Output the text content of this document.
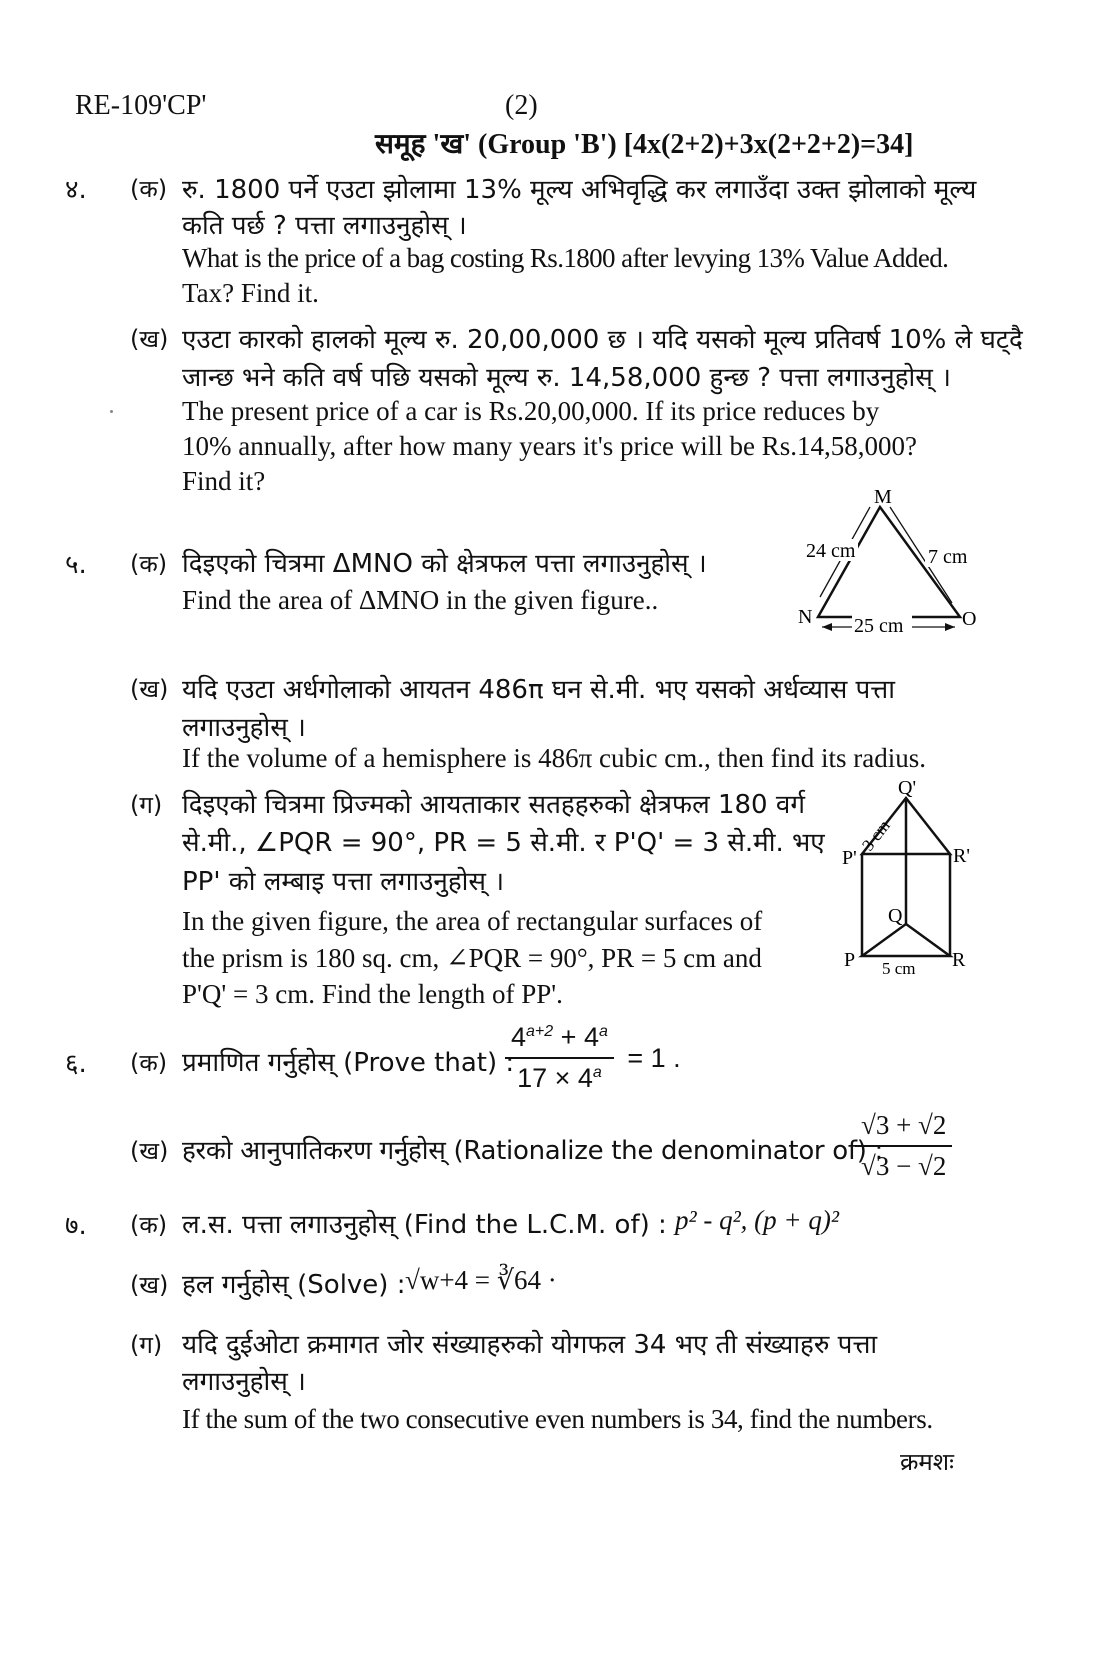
RE-109'CP'	(2)
समूह 'ख' (Group 'B') [4x(2+2)+3x(2+2+2)=34]
४. (क) रु. 1800 पर्ने एउटा झोलामा 13% मूल्य अभिवृद्धि कर लगाउँदा उक्त झोलाको मूल्य
कति पर्छ ? पत्ता लगाउनुहोस् ।
What is the price of a bag costing Rs.1800 after levying 13% Value Added.
Tax? Find it.
(ख) एउटा कारको हालको मूल्य रु. 20,00,000 छ । यदि यसको मूल्य प्रतिवर्ष 10% ले घट्दै
जान्छ भने कति वर्ष पछि यसको मूल्य रु. 14,58,000 हुन्छ ? पत्ता लगाउनुहोस् ।
The present price of a car is Rs.20,00,000. If its price reduces by
10% annually, after how many years it's price will be Rs.14,58,000?
Find it?
५. (क) दिइएको चित्रमा ΔMNO को क्षेत्रफल पत्ता लगाउनुहोस् ।
Find the area of ΔMNO in the given figure..
M
N	O
24 cm	7 cm
25 cm
(ख) यदि एउटा अर्धगोलाको आयतन 486π घन से.मी. भए यसको अर्धव्यास पत्ता
लगाउनुहोस् ।
If the volume of a hemisphere is 486π cubic cm., then find its radius.
(ग) दिइएको चित्रमा प्रिज्मको आयताकार सतहहरुको क्षेत्रफल 180 वर्ग
से.मी., ∠PQR = 90°, PR = 5 से.मी. र P'Q' = 3 से.मी. भए
PP' को लम्बाइ पत्ता लगाउनुहोस् ।
In the given figure, the area of rectangular surfaces of
the prism is 180 sq. cm, ∠PQR = 90°, PR = 5 cm and
P'Q' = 3 cm. Find the length of PP'.
Q'
P'	R'
Q
P	R
3 cm
5 cm
६. (क) प्रमाणित गर्नुहोस् (Prove that) :
$\frac{4^{a+2} + 4^a}{17 \times 4^a} = 1$ .
(ख) हरको आनुपातिकरण गर्नुहोस् (Rationalize the denominator of) :
$\frac{√3 + √2}{√3 - √2}$
७. (क) ल.स. पत्ता लगाउनुहोस् (Find the L.C.M. of) : p² - q², (p + q)²
(ख) हल गर्नुहोस् (Solve) : √w+4 = ∛64 ·
(ग) यदि दुईओटा क्रमागत जोर संख्याहरुको योगफल 34 भए ती संख्याहरु पत्ता
लगाउनुहोस् ।
If the sum of the two consecutive even numbers is 34, find the numbers.
क्रमशः
